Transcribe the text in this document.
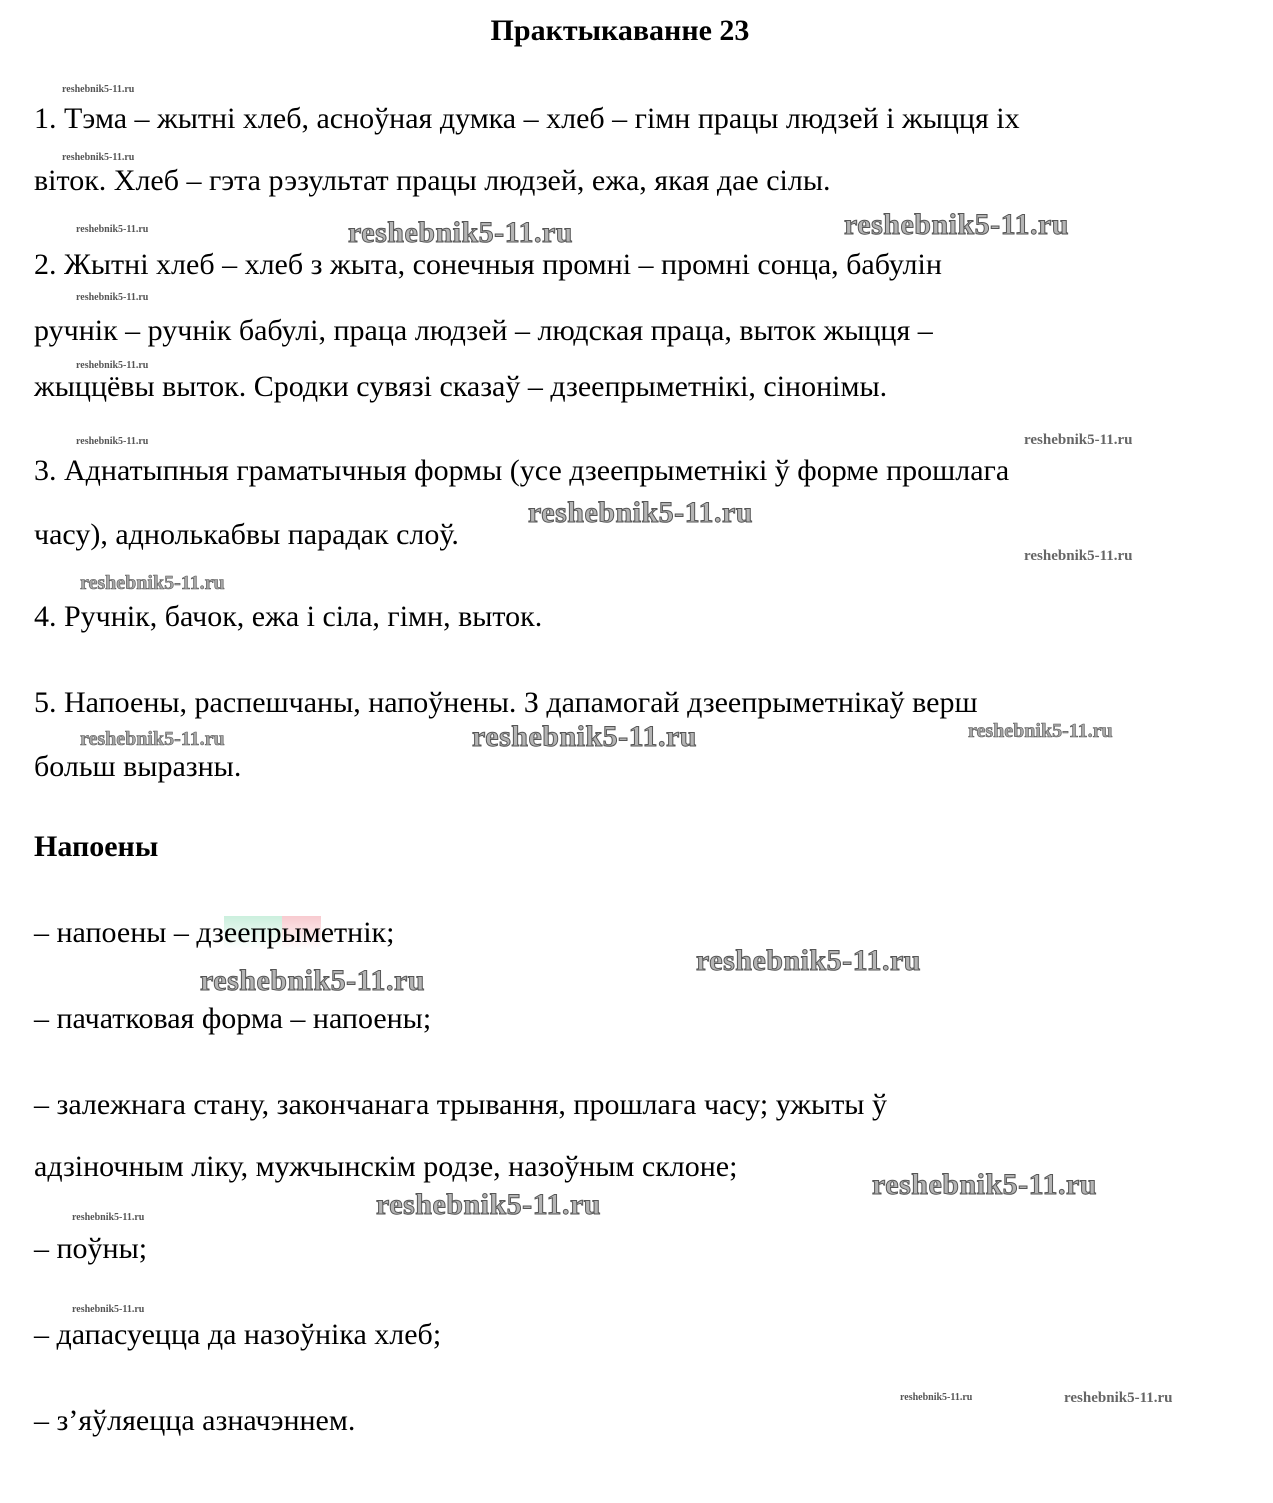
Практыкаванне 23
reshebnik5-11.ru
reshebnik5-11.ru
reshebnik5-11.ru
reshebnik5-11.ru
reshebnik5-11.ru
reshebnik5-11.ru
reshebnik5-11.ru
reshebnik5-11.ru
reshebnik5-11.ru
reshebnik5-11.ru
reshebnik5-11.ru
reshebnik5-11.ru
reshebnik5-11.ru
reshebnik5-11.ru	reshebnik5-11.ru
reshebnik5-11.ru	reshebnik5-11.ru
reshebnik5-11.ru
reshebnik5-11.ru
reshebnik5-11.ru
reshebnik5-11.ru
reshebnik5-11.ru
reshebnik5-11.ru
1. Тэма – жытні хлеб, асноўная думка – хлеб – гімн працы людзей і жыцця іх
віток. Хлеб – гэта рэзультат працы людзей, ежа, якая дае сілы.
2. Жытні хлеб – хлеб з жыта, сонечныя промні – промні сонца, бабулін
ручнік – ручнік бабулі, праца людзей – людская праца, выток жыцця –
жыццёвы выток. Сродки сувязі сказаў – дзеепрыметнікі, сінонімы.
3. Аднатыпныя граматычныя формы (усе дзеепрыметнікі ў форме прошлага
часу), аднолькабвы парадак слоў.
4. Ручнік, бачок, ежа і сіла, гімн, выток.
5. Напоены, распешчаны, напоўнены. З дапамогай дзеепрыметнікаў верш
больш выразны.
Напоены
– напоены – дзеепрыметнік;
– пачатковая форма – напоены;
– залежнага стану, закончанага трывання, прошлага часу; ужыты ў
адзіночным ліку, мужчынскім родзе, назоўным склоне;
– поўны;
– дапасуецца да назоўніка хлеб;
– з’яўляецца азначэннем.
